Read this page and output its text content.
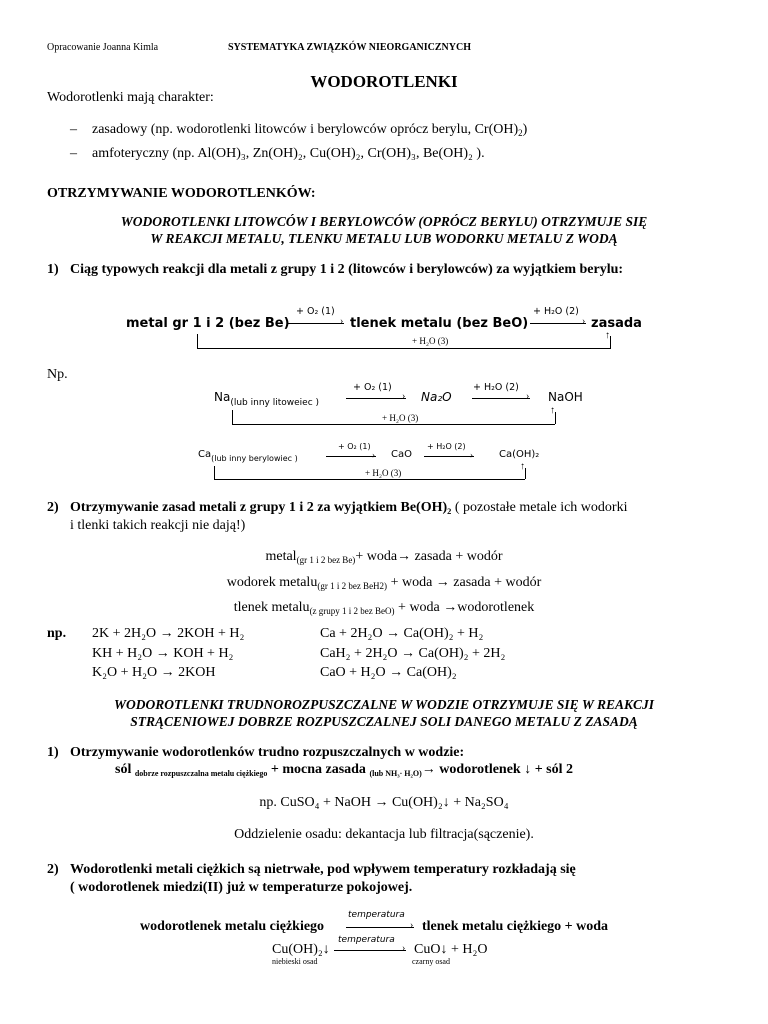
Opracowanie Joanna Kimla	SYSTEMATYKA ZWIĄZKÓW NIEORGANICZNYCH
WODOROTLENKI
Wodorotlenki mają charakter:
– zasadowy (np. wodorotlenki litowców i berylowców oprócz berylu, $Cr(OH)_2$)
– amfoteryczny (np. Al(OH)₃, Zn(OH)₂, Cu(OH)₂, Cr(OH)₃, Be(OH)₂ ).
OTRZYMYWANIE WODOROTLENKÓW:
WODOROTLENKI LITOWCÓW I BERYLOWCÓW (OPRÓCZ BERYLU) OTRZYMUJE SIĘ
W REAKCJI METALU, TLENKU METALU LUB WODORKU METALU Z WODĄ
1) Ciąg typowych reakcji dla metali z grupy 1 i 2 (litowców i berylowców) za wyjątkiem berylu:
metal gr 1 i 2 (bez Be)
+ O₂ (1)
› tlenek metalu (bez BeO)
+ H₂O (2)
› zasada
↑
+ H₂O (3)
Np.
$Na_{(lub inny litoweiec )}$
+ O₂ (1)
› Na₂O
+ H₂O (2)
› NaOH
↑
+ H₂O (3)
$Ca_{(lub inny berylowiec )}$
+ O₂ (1)
› CaO
+ H₂O (2)
›	Ca(OH)₂
↑
+ H₂O (3)
2) Otrzymywanie zasad metali z grupy 1 i 2 za wyjątkiem Be(OH)₂ ( pozostałe metale ich wodorki
i tlenki takich reakcji nie dają!)
metal$_{(gr 1 i 2 bez Be)}$+ woda→ zasada + wodór
wodorek metalu$_{(gr 1 i 2 bez BeH2)}$ + woda → zasada + wodór
tlenek metalu$_{(z grupy 1 i 2 bez BeO)}$ + woda →wodorotlenek
np. 2K + 2H₂O → 2KOH + H₂
KH + H₂O → KOH + H₂
K₂O + H₂O → 2KOH
Ca + 2H₂O → Ca(OH)₂ + H₂
CaH₂ + 2H₂O → Ca(OH)₂ + 2H₂
CaO + H₂O → Ca(OH)₂
WODOROTLENKI TRUDNOROZPUSZCZALNE W WODZIE OTRZYMUJE SIĘ W REAKCJI
STRĄCENIOWEJ DOBRZE ROZPUSZCZALNEJ SOLI DANEGO METALU Z ZASADĄ
1) Otrzymywanie wodorotlenków trudno rozpuszczalnych w wodzie:
sól $_{dobrze rozpuszczalna metalu ciężkiego}$ + mocna zasada $_{(lub NH_3\cdot H_2O)}$→ wodorotlenek ↓ + sól 2
np. CuSO₄ + NaOH → Cu(OH)₂↓ + Na₂SO₄
Oddzielenie osadu: dekantacja lub filtracja(sączenie).
2) Wodorotlenki metali ciężkich są nietrwałe, pod wpływem temperatury rozkładają się
( wodorotlenek miedzi(II) już w temperaturze pokojowej.
wodorotlenek metalu ciężkiego
temperatura
› tlenek metalu ciężkiego + woda
Cu(OH)₂↓
niebieski osad
temperatura
› CuO↓ + H₂O
czarny osad
